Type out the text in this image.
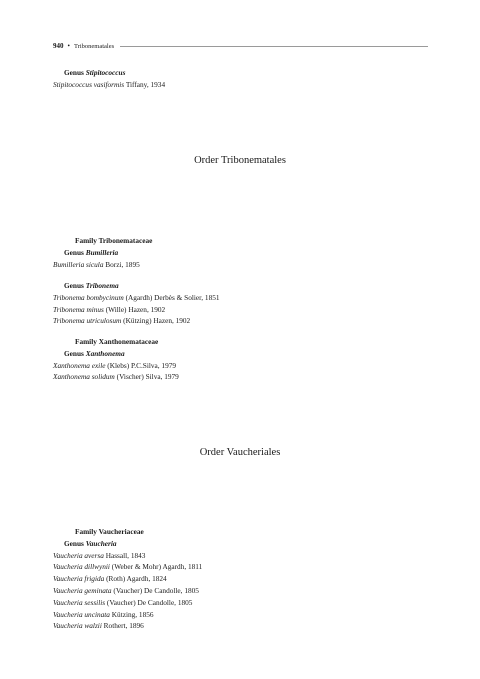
940 • Tribonematales
Genus Stipitococcus
Stipitococcus vasiformis Tiffany, 1934
Order Tribonematales
Family Tribonemataceae
Genus Bumilleria
Bumilleria sicula Borzi, 1895
Genus Tribonema
Tribonema bombycinum (Agardh) Derbès & Solier, 1851
Tribonema minus (Wille) Hazen, 1902
Tribonema utriculosum (Kützing) Hazen, 1902
Family Xanthonemataceae
Genus Xanthonema
Xanthonema exile (Klebs) P.C.Silva, 1979
Xanthonema solidum (Vischer) Silva, 1979
Order Vaucheriales
Family Vaucheriaceae
Genus Vaucheria
Vaucheria aversa Hassall, 1843
Vaucheria dillwynii (Weber & Mohr) Agardh, 1811
Vaucheria frigida (Roth) Agardh, 1824
Vaucheria geminata (Vaucher) De Candolle, 1805
Vaucheria sessilis (Vaucher) De Candolle, 1805
Vaucheria uncinata Kützing, 1856
Vaucheria walzii Rothert, 1896
